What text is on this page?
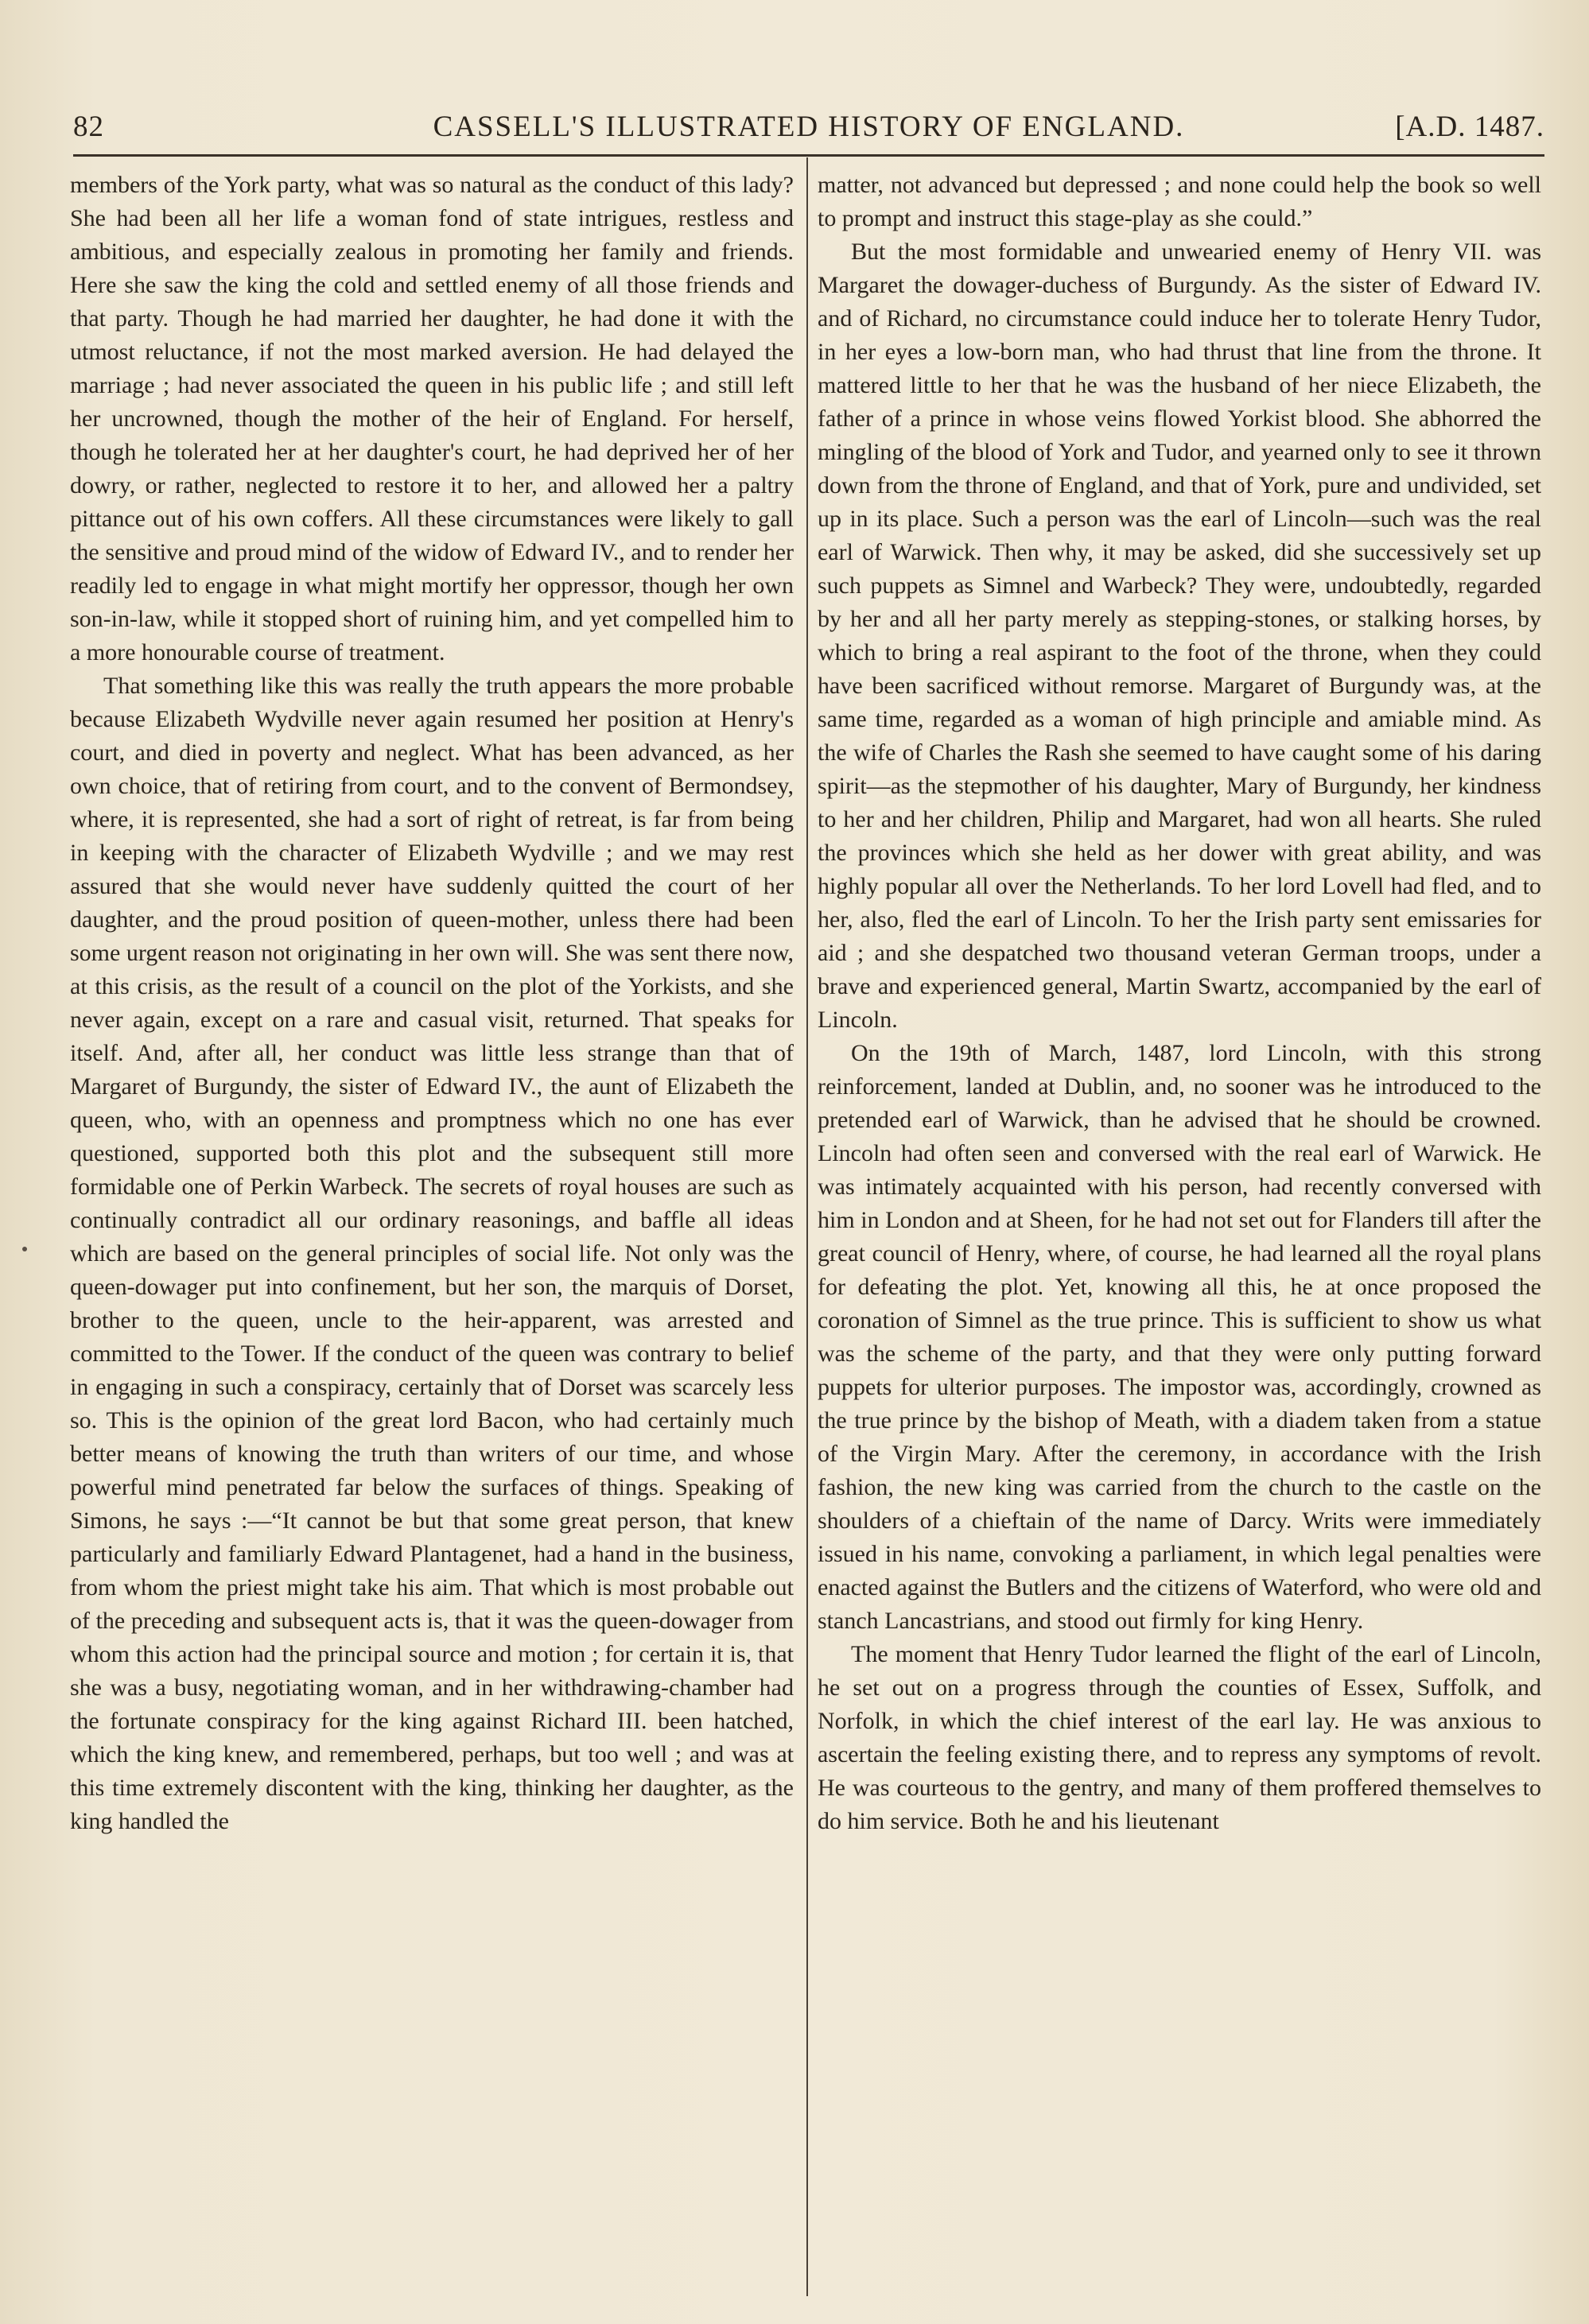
82	CASSELL'S ILLUSTRATED HISTORY OF ENGLAND.	[A.D. 1487.

members of the York party, what was so natural as the conduct of this lady? She had been all her life a woman fond of state intrigues, restless and ambitious, and especially zealous in promoting her family and friends. Here she saw the king the cold and settled enemy of all those friends and that party. Though he had married her daughter, he had done it with the utmost reluctance, if not the most marked aversion. He had delayed the marriage ; had never associated the queen in his public life ; and still left her uncrowned, though the mother of the heir of England. For herself, though he tolerated her at her daughter's court, he had deprived her of her dowry, or rather, neglected to restore it to her, and allowed her a paltry pittance out of his own coffers. All these circumstances were likely to gall the sensitive and proud mind of the widow of Edward IV., and to render her readily led to engage in what might mortify her oppressor, though her own son-in-law, while it stopped short of ruining him, and yet compelled him to a more honourable course of treatment.

That something like this was really the truth appears the more probable because Elizabeth Wydville never again resumed her position at Henry's court, and died in poverty and neglect. What has been advanced, as her own choice, that of retiring from court, and to the convent of Bermondsey, where, it is represented, she had a sort of right of retreat, is far from being in keeping with the character of Elizabeth Wydville ; and we may rest assured that she would never have suddenly quitted the court of her daughter, and the proud position of queen-mother, unless there had been some urgent reason not originating in her own will. She was sent there now, at this crisis, as the result of a council on the plot of the Yorkists, and she never again, except on a rare and casual visit, returned. That speaks for itself. And, after all, her conduct was little less strange than that of Margaret of Burgundy, the sister of Edward IV., the aunt of Elizabeth the queen, who, with an openness and promptness which no one has ever questioned, supported both this plot and the subsequent still more formidable one of Perkin Warbeck. The secrets of royal houses are such as continually contradict all our ordinary reasonings, and baffle all ideas which are based on the general principles of social life. Not only was the queen-dowager put into confinement, but her son, the marquis of Dorset, brother to the queen, uncle to the heir-apparent, was arrested and committed to the Tower. If the conduct of the queen was contrary to belief in engaging in such a conspiracy, certainly that of Dorset was scarcely less so. This is the opinion of the great lord Bacon, who had certainly much better means of knowing the truth than writers of our time, and whose powerful mind penetrated far below the surfaces of things. Speaking of Simons, he says :—“It cannot be but that some great person, that knew particularly and familiarly Edward Plantagenet, had a hand in the business, from whom the priest might take his aim. That which is most probable out of the preceding and subsequent acts is, that it was the queen-dowager from whom this action had the principal source and motion ; for certain it is, that she was a busy, negotiating woman, and in her withdrawing-chamber had the fortunate conspiracy for the king against Richard III. been hatched, which the king knew, and remembered, perhaps, but too well ; and was at this time extremely discontent with the king, thinking her daughter, as the king handled the

matter, not advanced but depressed ; and none could help the book so well to prompt and instruct this stage-play as she could.”

But the most formidable and unwearied enemy of Henry VII. was Margaret the dowager-duchess of Burgundy. As the sister of Edward IV. and of Richard, no circumstance could induce her to tolerate Henry Tudor, in her eyes a low-born man, who had thrust that line from the throne. It mattered little to her that he was the husband of her niece Elizabeth, the father of a prince in whose veins flowed Yorkist blood. She abhorred the mingling of the blood of York and Tudor, and yearned only to see it thrown down from the throne of England, and that of York, pure and undivided, set up in its place. Such a person was the earl of Lincoln—such was the real earl of Warwick. Then why, it may be asked, did she successively set up such puppets as Simnel and Warbeck? They were, undoubtedly, regarded by her and all her party merely as stepping-stones, or stalking horses, by which to bring a real aspirant to the foot of the throne, when they could have been sacrificed without remorse. Margaret of Burgundy was, at the same time, regarded as a woman of high principle and amiable mind. As the wife of Charles the Rash she seemed to have caught some of his daring spirit—as the stepmother of his daughter, Mary of Burgundy, her kindness to her and her children, Philip and Margaret, had won all hearts. She ruled the provinces which she held as her dower with great ability, and was highly popular all over the Netherlands. To her lord Lovell had fled, and to her, also, fled the earl of Lincoln. To her the Irish party sent emissaries for aid ; and she despatched two thousand veteran German troops, under a brave and experienced general, Martin Swartz, accompanied by the earl of Lincoln.

On the 19th of March, 1487, lord Lincoln, with this strong reinforcement, landed at Dublin, and, no sooner was he introduced to the pretended earl of Warwick, than he advised that he should be crowned. Lincoln had often seen and conversed with the real earl of Warwick. He was intimately acquainted with his person, had recently conversed with him in London and at Sheen, for he had not set out for Flanders till after the great council of Henry, where, of course, he had learned all the royal plans for defeating the plot. Yet, knowing all this, he at once proposed the coronation of Simnel as the true prince. This is sufficient to show us what was the scheme of the party, and that they were only putting forward puppets for ulterior purposes. The impostor was, accordingly, crowned as the true prince by the bishop of Meath, with a diadem taken from a statue of the Virgin Mary. After the ceremony, in accordance with the Irish fashion, the new king was carried from the church to the castle on the shoulders of a chieftain of the name of Darcy. Writs were immediately issued in his name, convoking a parliament, in which legal penalties were enacted against the Butlers and the citizens of Waterford, who were old and stanch Lancastrians, and stood out firmly for king Henry.

The moment that Henry Tudor learned the flight of the earl of Lincoln, he set out on a progress through the counties of Essex, Suffolk, and Norfolk, in which the chief interest of the earl lay. He was anxious to ascertain the feeling existing there, and to repress any symptoms of revolt. He was courteous to the gentry, and many of them proffered themselves to do him service. Both he and his lieutenant
